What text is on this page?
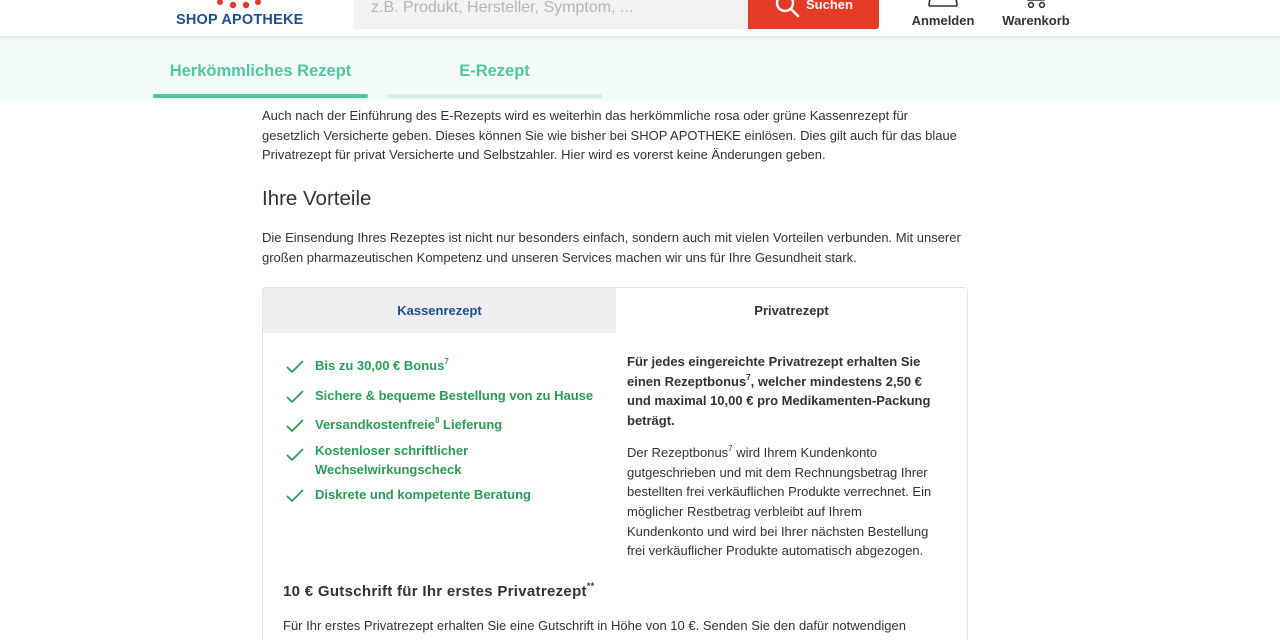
SHOP APOTHEKE
z.B. Produkt, Hersteller, Symptom, ...
Suchen
Anmelden Warenkorb
Herkömmliches Rezept	E-Rezept
Auch nach der Einführung des E-Rezepts wird es weiterhin das herkömmliche rosa oder grüne Kassenrezept für
gesetzlich Versicherte geben. Dieses können Sie wie bisher bei SHOP APOTHEKE einlösen. Dies gilt auch für das blaue
Privatrezept für privat Versicherte und Selbstzahler. Hier wird es vorerst keine Änderungen geben.
Ihre Vorteile
Die Einsendung Ihres Rezeptes ist nicht nur besonders einfach, sondern auch mit vielen Vorteilen verbunden. Mit unserer
großen pharmazeutischen Kompetenz und unseren Services machen wir uns für Ihre Gesundheit stark.
Kassenrezept	Privatrezept
Bis zu 30,00 € Bonus$^7$
Sichere & bequeme Bestellung von zu Hause
Versandkostenfreie$^8$ Lieferung
Kostenloser schriftlicher
Wechselwirkungscheck
Diskrete und kompetente Beratung
Für jedes eingereichte Privatrezept erhalten Sie
einen Rezeptbonus$^7$, welcher mindestens 2,50 €
und maximal 10,00 € pro Medikamenten-Packung
beträgt.
Der Rezeptbonus$^7$ wird Ihrem Kundenkonto
gutgeschrieben und mit dem Rechnungsbetrag Ihrer
bestellten frei verkäuflichen Produkte verrechnet. Ein
möglicher Restbetrag verbleibt auf Ihrem
Kundenkonto und wird bei Ihrer nächsten Bestellung
frei verkäuflicher Produkte automatisch abgezogen.
10 € Gutschrift für Ihr erstes Privatrezept**
Für Ihr erstes Privatrezept erhalten Sie eine Gutschrift in Höhe von 10 €. Senden Sie den dafür notwendigen
